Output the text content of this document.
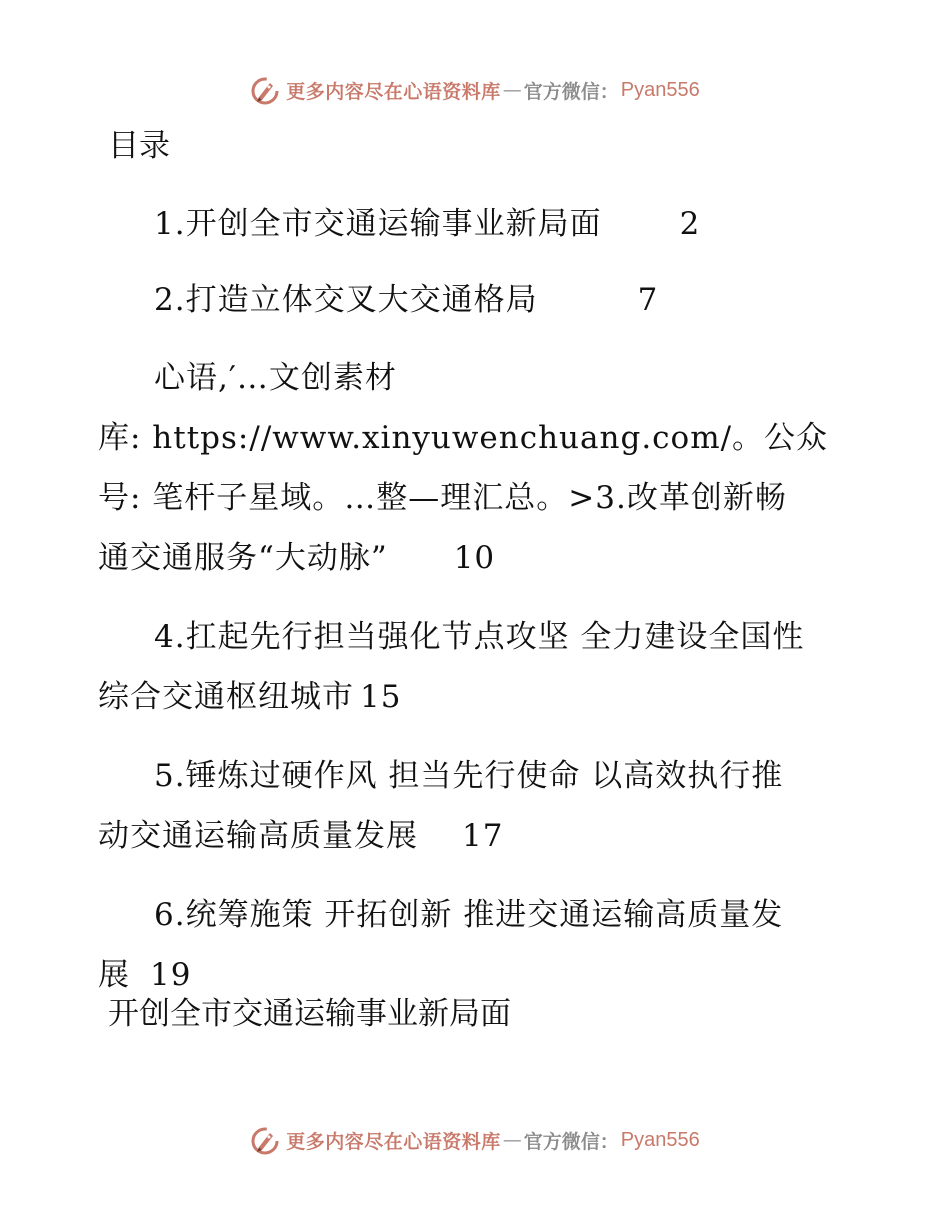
更多内容尽在心语资料库 — 官方微信： Pyan556
目录
1.开创全市交通运输事业新局面	2
2.打造立体交叉大交通格局	7
心语,′…文创素材
库: https://www.xinyuwenchuang.com/。公众
号: 笔杆子星域。…整—理汇总。>3.改革创新畅
通交通服务“大动脉” 10
4.扛起先行担当强化节点攻坚 全力建设全国性
综合交通枢纽城市 15
5.锤炼过硬作风 担当先行使命 以高效执行推
动交通运输高质量发展 17
6.统筹施策 开拓创新 推进交通运输高质量发
展 19
开创全市交通运输事业新局面
更多内容尽在心语资料库 — 官方微信： Pyan556
